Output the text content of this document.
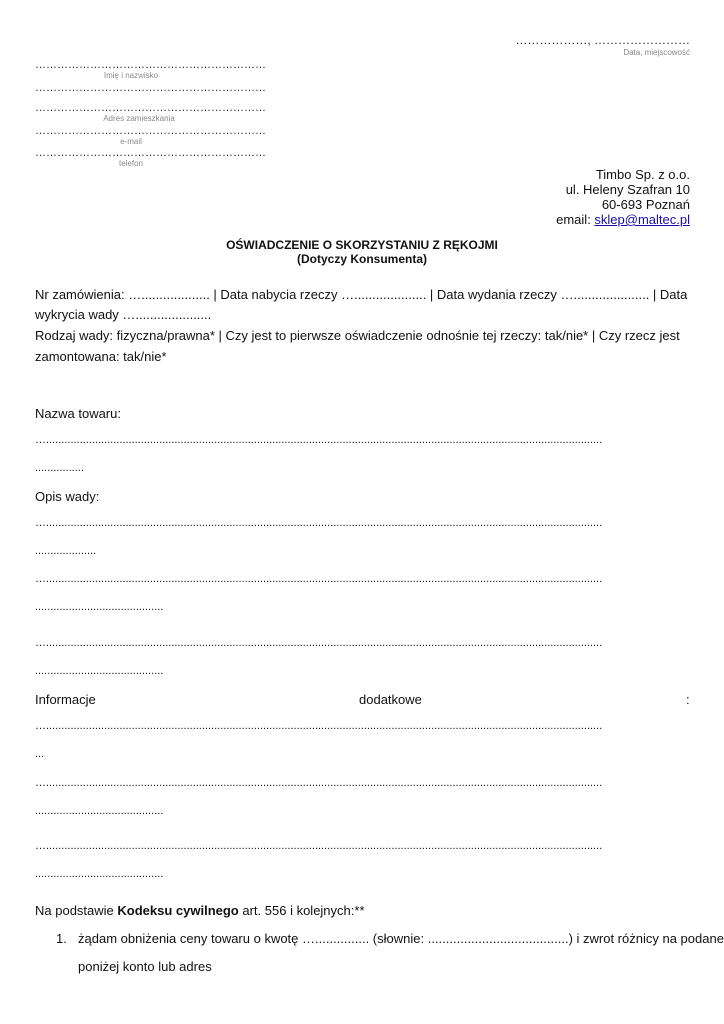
………………, ……………………
Data, miejscowość
………………………………………………………
Imię i nazwisko
………………………………………………………
………………………………………………………
Adres zamieszkania
………………………………………………………
e-mail
………………………………………………………
telefon
Timbo Sp. z o.o.
ul. Heleny Szafran 10
60-693 Poznań
email: sklep@maltec.pl
OŚWIADCZENIE O SKORZYSTANIU Z RĘKOJMI
(Dotyczy Konsumenta)
Nr zamówienia: …................... | Data nabycia rzeczy ….................... | Data wydania rzeczy …..................... | Data
wykrycia wady ….....................
Rodzaj wady: fizyczna/prawna* | Czy jest to pierwsze oświadczenie odnośnie tej rzeczy: tak/nie* | Czy rzecz jest
zamontowana: tak/nie*
Nazwa towaru:
…......................................................................................................................................................................................
................
Opis wady:
…......................................................................................................................................................................................
....................
…......................................................................................................................................................................................
..........................................
…......................................................................................................................................................................................
..........................................
Informacje	dodatkowe	:
…......................................................................................................................................................................................
...
…......................................................................................................................................................................................
..........................................
…......................................................................................................................................................................................
..........................................
Na podstawie Kodeksu cywilnego art. 556 i kolejnych:**
1. żądam obniżenia ceny towaru o kwotę …............... (słownie: .......................................) i zwrot różnicy na podane
poniżej konto lub adres
